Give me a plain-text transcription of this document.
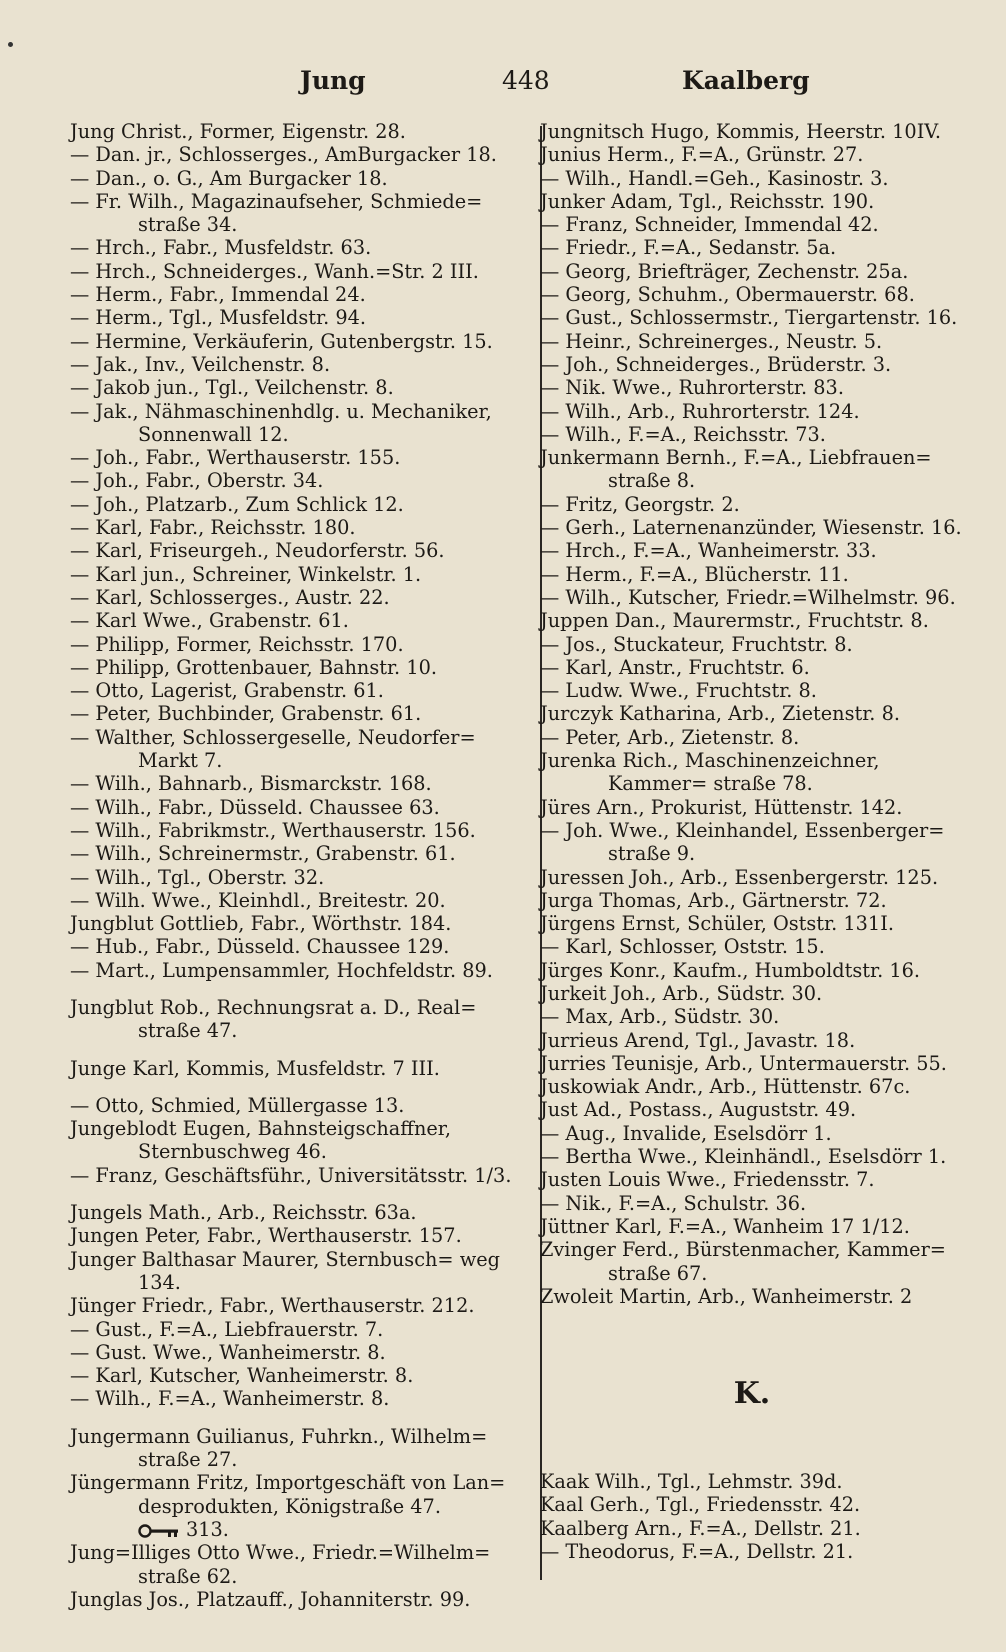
Jung	448	Kaalberg

Jung Christ., Former, Eigenstr. 28.

— Dan. jr., Schlosserges., AmBurgacker 18.

— Dan., o. G., Am Burgacker 18.

— Fr. Wilh., Magazinaufseher, Schmiede= straße 34.

— Hrch., Fabr., Musfeldstr. 63.

— Hrch., Schneiderges., Wanh.=Str. 2 III.

— Herm., Fabr., Immendal 24.

— Herm., Tgl., Musfeldstr. 94.

— Hermine, Verkäuferin, Gutenbergstr. 15.

— Jak., Inv., Veilchenstr. 8.

— Jakob jun., Tgl., Veilchenstr. 8.

— Jak., Nähmaschinenhdlg. u. Mechaniker, Sonnenwall 12.

— Joh., Fabr., Werthauserstr. 155.

— Joh., Fabr., Oberstr. 34.

— Joh., Platzarb., Zum Schlick 12.

— Karl, Fabr., Reichsstr. 180.

— Karl, Friseurgeh., Neudorferstr. 56.

— Karl jun., Schreiner, Winkelstr. 1.

— Karl, Schlosserges., Austr. 22.

— Karl Wwe., Grabenstr. 61.

— Philipp, Former, Reichsstr. 170.

— Philipp, Grottenbauer, Bahnstr. 10.

— Otto, Lagerist, Grabenstr. 61.

— Peter, Buchbinder, Grabenstr. 61.

— Walther, Schlossergeselle, Neudorfer= Markt 7.

— Wilh., Bahnarb., Bismarckstr. 168.

— Wilh., Fabr., Düsseld. Chaussee 63.

— Wilh., Fabrikmstr., Werthauserstr. 156.

— Wilh., Schreinermstr., Grabenstr. 61.

— Wilh., Tgl., Oberstr. 32.

— Wilh. Wwe., Kleinhdl., Breitestr. 20.

Jungblut Gottlieb, Fabr., Wörthstr. 184.

— Hub., Fabr., Düsseld. Chaussee 129.

— Mart., Lumpensammler, Hochfeldstr. 89.

Jungblut Rob., Rechnungsrat a. D., Real= straße 47.

Junge Karl, Kommis, Musfeldstr. 7 III.

— Otto, Schmied, Müllergasse 13.

Jungeblodt Eugen, Bahnsteigschaffner, Sternbuschweg 46.

— Franz, Geschäftsführ., Universitätsstr. 1/3.

Jungels Math., Arb., Reichsstr. 63a.

Jungen Peter, Fabr., Werthauserstr. 157.

Junger Balthasar Maurer, Sternbusch= weg 134.

Jünger Friedr., Fabr., Werthauserstr. 212.

— Gust., F.=A., Liebfrauerstr. 7.

— Gust. Wwe., Wanheimerstr. 8.

— Karl, Kutscher, Wanheimerstr. 8.

— Wilh., F.=A., Wanheimerstr. 8.

Jungermann Guilianus, Fuhrkn., Wilhelm= straße 27.

Jüngermann Fritz, Importgeschäft von Lan= desprodukten, Königstraße 47.

313.

Jung=Illiges Otto Wwe., Friedr.=Wilhelm= straße 62.

Junglas Jos., Platzauff., Johanniterstr. 99.

Jungnitsch Hugo, Kommis, Heerstr. 10IV.

Junius Herm., F.=A., Grünstr. 27.

— Wilh., Handl.=Geh., Kasinostr. 3.

Junker Adam, Tgl., Reichsstr. 190.

— Franz, Schneider, Immendal 42.

— Friedr., F.=A., Sedanstr. 5a.

— Georg, Briefträger, Zechenstr. 25a.

— Georg, Schuhm., Obermauerstr. 68.

— Gust., Schlossermstr., Tiergartenstr. 16.

— Heinr., Schreinerges., Neustr. 5.

— Joh., Schneiderges., Brüderstr. 3.

— Nik. Wwe., Ruhrorterstr. 83.

— Wilh., Arb., Ruhrorterstr. 124.

— Wilh., F.=A., Reichsstr. 73.

Junkermann Bernh., F.=A., Liebfrauen= straße 8.

— Fritz, Georgstr. 2.

— Gerh., Laternenanzünder, Wiesenstr. 16.

— Hrch., F.=A., Wanheimerstr. 33.

— Herm., F.=A., Blücherstr. 11.

— Wilh., Kutscher, Friedr.=Wilhelmstr. 96.

Juppen Dan., Maurermstr., Fruchtstr. 8.

— Jos., Stuckateur, Fruchtstr. 8.

— Karl, Anstr., Fruchtstr. 6.

— Ludw. Wwe., Fruchtstr. 8.

Jurczyk Katharina, Arb., Zietenstr. 8.

— Peter, Arb., Zietenstr. 8.

Jurenka Rich., Maschinenzeichner, Kammer= straße 78.

Jüres Arn., Prokurist, Hüttenstr. 142.

— Joh. Wwe., Kleinhandel, Essenberger= straße 9.

Juressen Joh., Arb., Essenbergerstr. 125.

Jurga Thomas, Arb., Gärtnerstr. 72.

Jürgens Ernst, Schüler, Oststr. 131I.

— Karl, Schlosser, Oststr. 15.

Jürges Konr., Kaufm., Humboldtstr. 16.

Jurkeit Joh., Arb., Südstr. 30.

— Max, Arb., Südstr. 30.

Jurrieus Arend, Tgl., Javastr. 18.

Jurries Teunisje, Arb., Untermauerstr. 55.

Juskowiak Andr., Arb., Hüttenstr. 67c.

Just Ad., Postass., Auguststr. 49.

— Aug., Invalide, Eselsdörr 1.

— Bertha Wwe., Kleinhändl., Eselsdörr 1.

Justen Louis Wwe., Friedensstr. 7.

— Nik., F.=A., Schulstr. 36.

Jüttner Karl, F.=A., Wanheim 17 1/12.

Zvinger Ferd., Bürstenmacher, Kammer= straße 67.

Zwoleit Martin, Arb., Wanheimerstr. 2

K.

Kaak Wilh., Tgl., Lehmstr. 39d.

Kaal Gerh., Tgl., Friedensstr. 42.

Kaalberg Arn., F.=A., Dellstr. 21.

— Theodorus, F.=A., Dellstr. 21.
